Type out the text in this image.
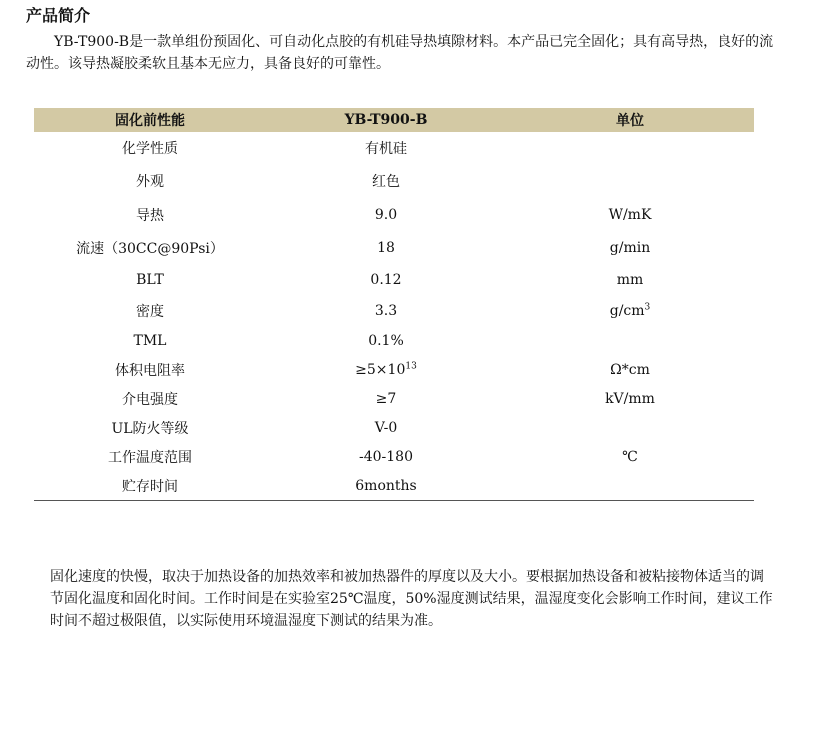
产品简介

YB-T900-B是一款单组份预固化、可自动化点胶的有机硅导热填隙材料。本产品已完全固化；具有高导热，良好的流动性。该导热凝胶柔软且基本无应力，具备良好的可靠性。

固化前性能	YB-T900-B	单位
化学性质	有机硅	
外观	红色	
导热	9.0	W/mK
流速（30CC@90Psi）	18	g/min
BLT	0.12	mm
密度	3.3	$g/cm^3$
TML	0.1%	
体积电阻率	$\ge 5\times 10^{13}$	Ω*cm
介电强度	≥7	kV/mm
UL防火等级	V-0	
工作温度范围	-40-180	℃
贮存时间	6months	

固化速度的快慢，取决于加热设备的加热效率和被加热器件的厚度以及大小。要根据加热设备和被粘接物体适当的调节固化温度和固化时间。工作时间是在实验室25℃温度，50%湿度测试结果，温湿度变化会影响工作时间，建议工作时间不超过极限值，以实际使用环境温湿度下测试的结果为准。
